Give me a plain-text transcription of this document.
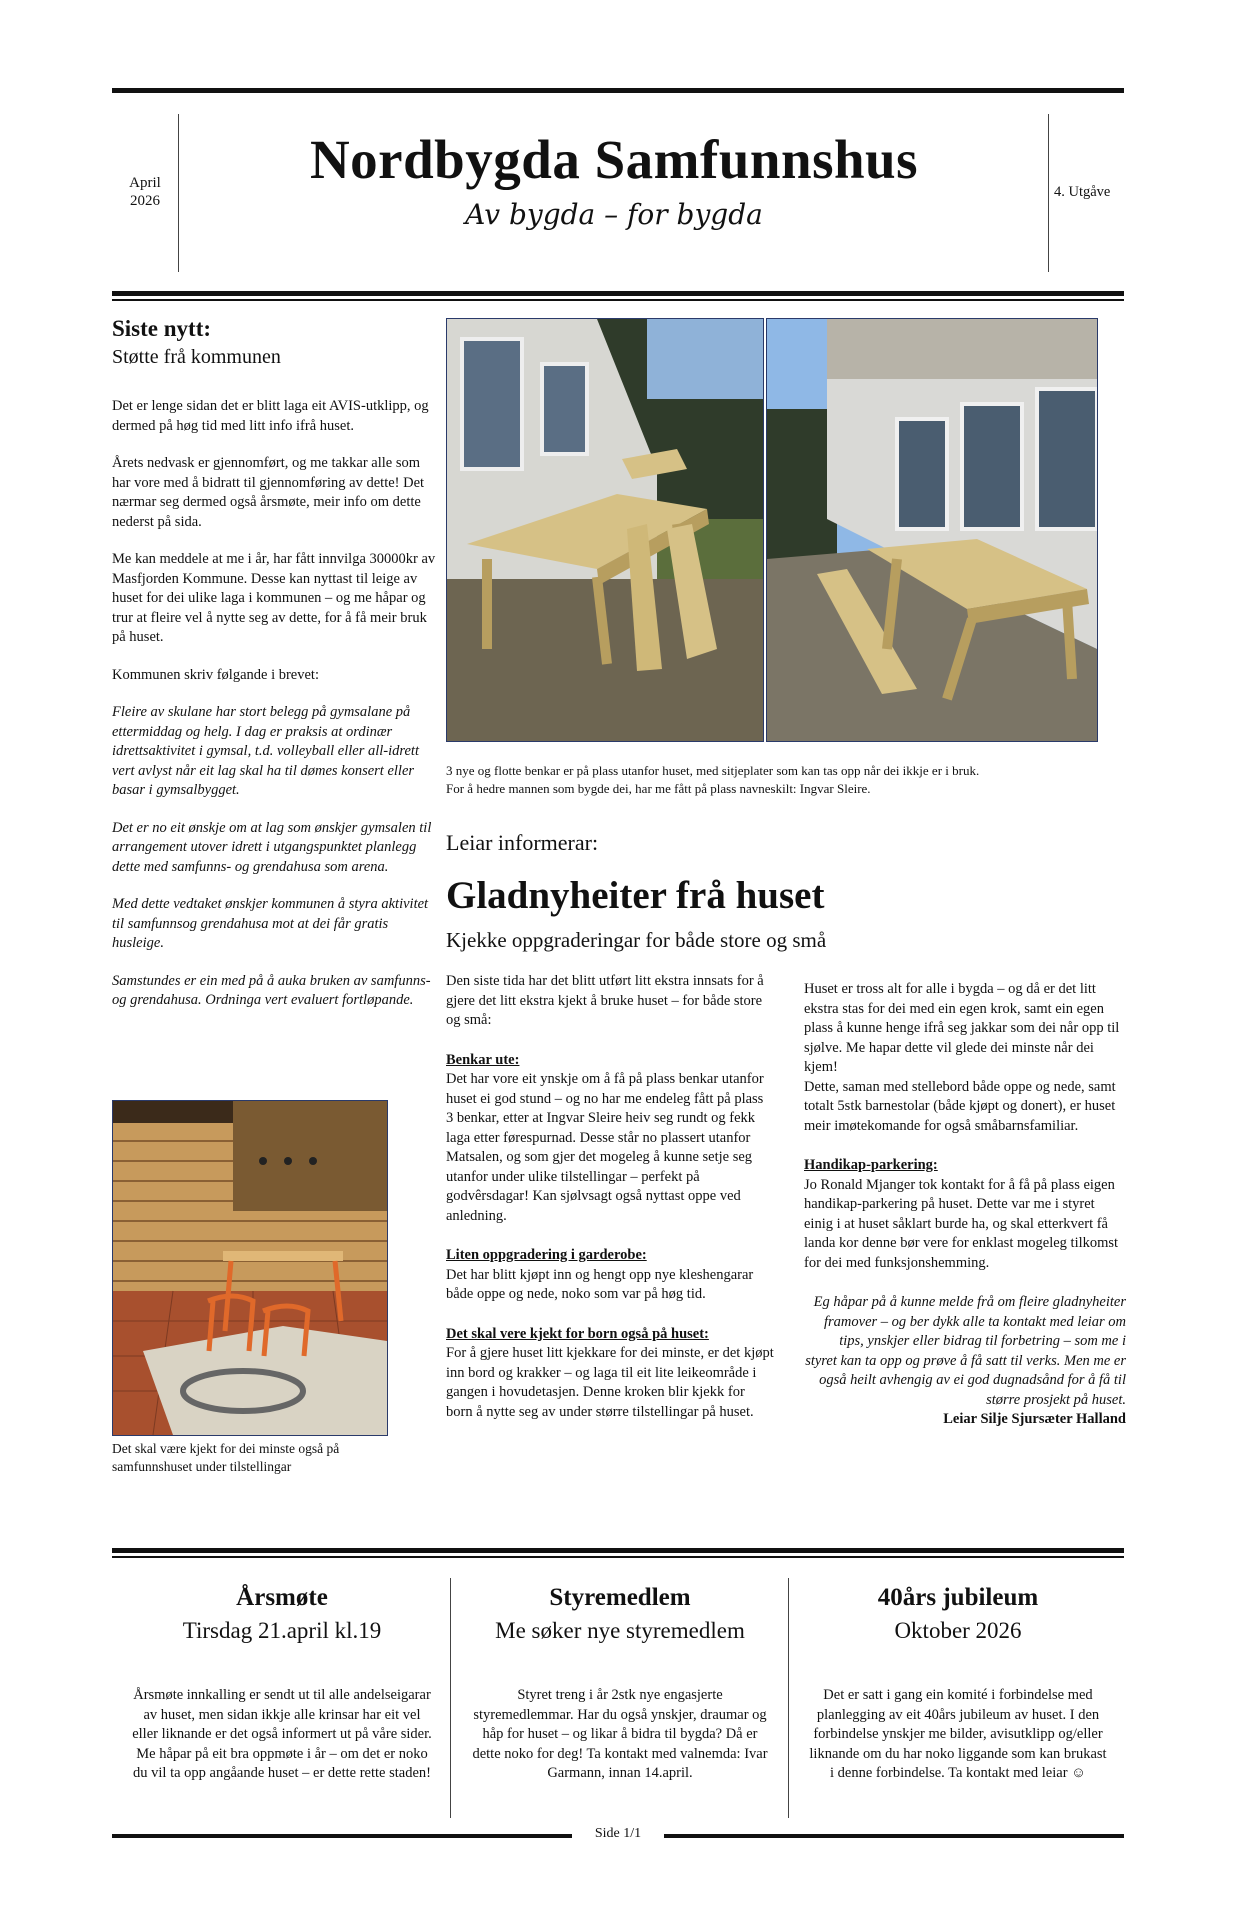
April
2026
Nordbygda Samfunnshus
Av bygda – for bygda
4. Utgåve
Siste nytt:
Støtte frå kommunen

Det er lenge sidan det er blitt laga eit AVIS-utklipp, og dermed på høg tid med litt info ifrå huset.

Årets nedvask er gjennomført, og me takkar alle som har vore med å bidratt til gjennomføring av dette! Det nærmar seg dermed også årsmøte, meir info om dette nederst på sida.

Me kan meddele at me i år, har fått innvilga 30000kr av Masfjorden Kommune. Desse kan nyttast til leige av huset for dei ulike laga i kommunen – og me håpar og trur at fleire vel å nytte seg av dette, for å få meir bruk på huset.

Kommunen skriv følgande i brevet:

Fleire av skulane har stort belegg på gymsalane på ettermiddag og helg. I dag er praksis at ordinær idrettsaktivitet i gymsal, t.d. volleyball eller all-idrett vert avlyst når eit lag skal ha til dømes konsert eller basar i gymsalbygget.

Det er no eit ønskje om at lag som ønskjer gymsalen til arrangement utover idrett i utgangspunktet planlegg dette med samfunns- og grendahusa som arena.

Med dette vedtaket ønskjer kommunen å styra aktivitet til samfunnsog grendahusa mot at dei får gratis husleige.

Samstundes er ein med på å auka bruken av samfunns- og grendahusa. Ordninga vert evaluert fortløpande.

Det skal være kjekt for dei minste også på samfunnshuset under tilstellingar
3 nye og flotte benkar er på plass utanfor huset, med sitjeplater som kan tas opp når dei ikkje er i bruk.
For å hedre mannen som bygde dei, har me fått på plass navneskilt: Ingvar Sleire.
Leiar informerar:
Gladnyheiter frå huset
Kjekke oppgraderingar for både store og små

Den siste tida har det blitt utført litt ekstra innsats for å gjere det litt ekstra kjekt å bruke huset – for både store og små:

Benkar ute:

Det har vore eit ynskje om å få på plass benkar utanfor huset ei god stund – og no har me endeleg fått på plass 3 benkar, etter at Ingvar Sleire heiv seg rundt og fekk laga etter førespurnad. Desse står no plassert utanfor Matsalen, og som gjer det mogeleg å kunne setje seg utanfor under ulike tilstellingar – perfekt på godvêrsdagar! Kan sjølvsagt også nyttast oppe ved anledning.

Liten oppgradering i garderobe:

Det har blitt kjøpt inn og hengt opp nye kleshengarar både oppe og nede, noko som var på høg tid.

Det skal vere kjekt for born også på huset:

For å gjere huset litt kjekkare for dei minste, er det kjøpt inn bord og krakker – og laga til eit lite leikeområde i gangen i hovudetasjen. Denne kroken blir kjekk for born å nytte seg av under større tilstellingar på huset.

Huset er tross alt for alle i bygda – og då er det litt ekstra stas for dei med ein egen krok, samt ein egen plass å kunne henge ifrå seg jakkar som dei når opp til sjølve. Me hapar dette vil glede dei minste når dei kjem!

Dette, saman med stellebord både oppe og nede, samt totalt 5stk barnestolar (både kjøpt og donert), er huset meir imøtekomande for også småbarnsfamiliar.

Handikap-parkering:

Jo Ronald Mjanger tok kontakt for å få på plass eigen handikap-parkering på huset. Dette var me i styret einig i at huset såklart burde ha, og skal etterkvert få landa kor denne bør vere for enklast mogeleg tilkomst for dei med funksjonshemming.

Eg håpar på å kunne melde frå om fleire gladnyheiter framover – og ber dykk alle ta kontakt med leiar om tips, ynskjer eller bidrag til forbetring – som me i styret kan ta opp og prøve å få satt til verks. Men me er også heilt avhengig av ei god dugnadsånd for å få til større prosjekt på huset.

Leiar Silje Sjursæter Halland

Årsmøte
Tirsdag 21.april kl.19
Årsmøte innkalling er sendt ut til alle andelseigarar av huset, men sidan ikkje alle krinsar har eit vel eller liknande er det også informert ut på våre sider. Me håpar på eit bra oppmøte i år – om det er noko du vil ta opp angåande huset – er dette rette staden!
Styremedlem
Me søker nye styremedlem
Styret treng i år 2stk nye engasjerte styremedlemmar. Har du også ynskjer, draumar og håp for huset – og likar å bidra til bygda? Då er dette noko for deg! Ta kontakt med valnemda: Ivar Garmann, innan 14.april.
40års jubileum
Oktober 2026
Det er satt i gang ein komité i forbindelse med planlegging av eit 40års jubileum av huset. I den forbindelse ynskjer me bilder, avisutklipp og/eller liknande om du har noko liggande som kan brukast i denne forbindelse. Ta kontakt med leiar ☺
Side 1/1
